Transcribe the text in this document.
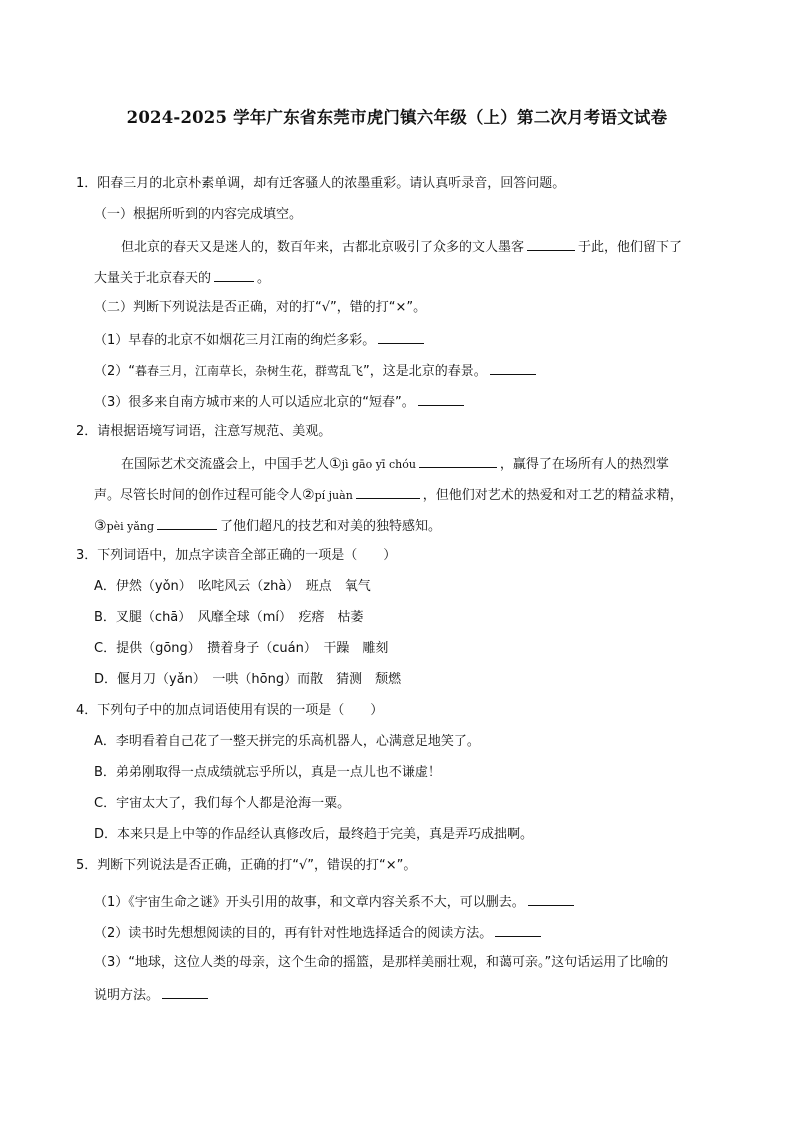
2024-2025 学年广东省东莞市虎门镇六年级（上）第二次月考语文试卷
1．阳春三月的北京朴素单调，却有迁客骚人的浓墨重彩。请认真听录音，回答问题。
（一）根据所听到的内容完成填空。
但北京的春天又是迷人的，数百年来，古都北京吸引了众多的文人墨客	于此，他们留下了
大量关于北京春天的	。
（二）判断下列说法是否正确，对的打“√”，错的打“×”。
（1）早春的北京不如烟花三月江南的绚烂多彩。
（2）“暮春三月，江南草长，杂树生花，群莺乱飞”，这是北京的春景。
（3）很多来自南方城市来的人可以适应北京的“短春”。
2．请根据语境写词语，注意写规范、美观。
在国际艺术交流盛会上，中国手艺人①jì gāo yī chóu	，赢得了在场所有人的热烈掌
声。尽管长时间的创作过程可能令人②pí juàn	，但他们对艺术的热爱和对工艺的精益求精，
③pèi yǎng	了他们超凡的技艺和对美的独特感知。
3．下列词语中，加点字读音全部正确的一项是（　　）
A．伊然（yǒn）　吆咤风云（zhà）　班点　氧气
B．叉腿（chā）　风靡全球（mí）　疙瘩　枯萎
C．提供（gōng）　攒着身子（cuán）　干躁　雕刻
D．偃月刀（yǎn）　一哄（hōng）而散　猜测　颓燃
4．下列句子中的加点词语使用有误的一项是（　　）
A．李明看着自己花了一整天拼完的乐高机器人，心满意足地笑了。
B．弟弟刚取得一点成绩就忘乎所以，真是一点儿也不谦虚！
C．宇宙太大了，我们每个人都是沧海一粟。
D．本来只是上中等的作品经认真修改后，最终趋于完美，真是弄巧成拙啊。
5．判断下列说法是否正确，正确的打“√”，错误的打“×”。
（1）《宇宙生命之谜》开头引用的故事，和文章内容关系不大，可以删去。
（2）读书时先想想阅读的目的，再有针对性地选择适合的阅读方法。
（3）“地球，这位人类的母亲，这个生命的摇篮，是那样美丽壮观，和蔼可亲。”这句话运用了比喻的
说明方法。
